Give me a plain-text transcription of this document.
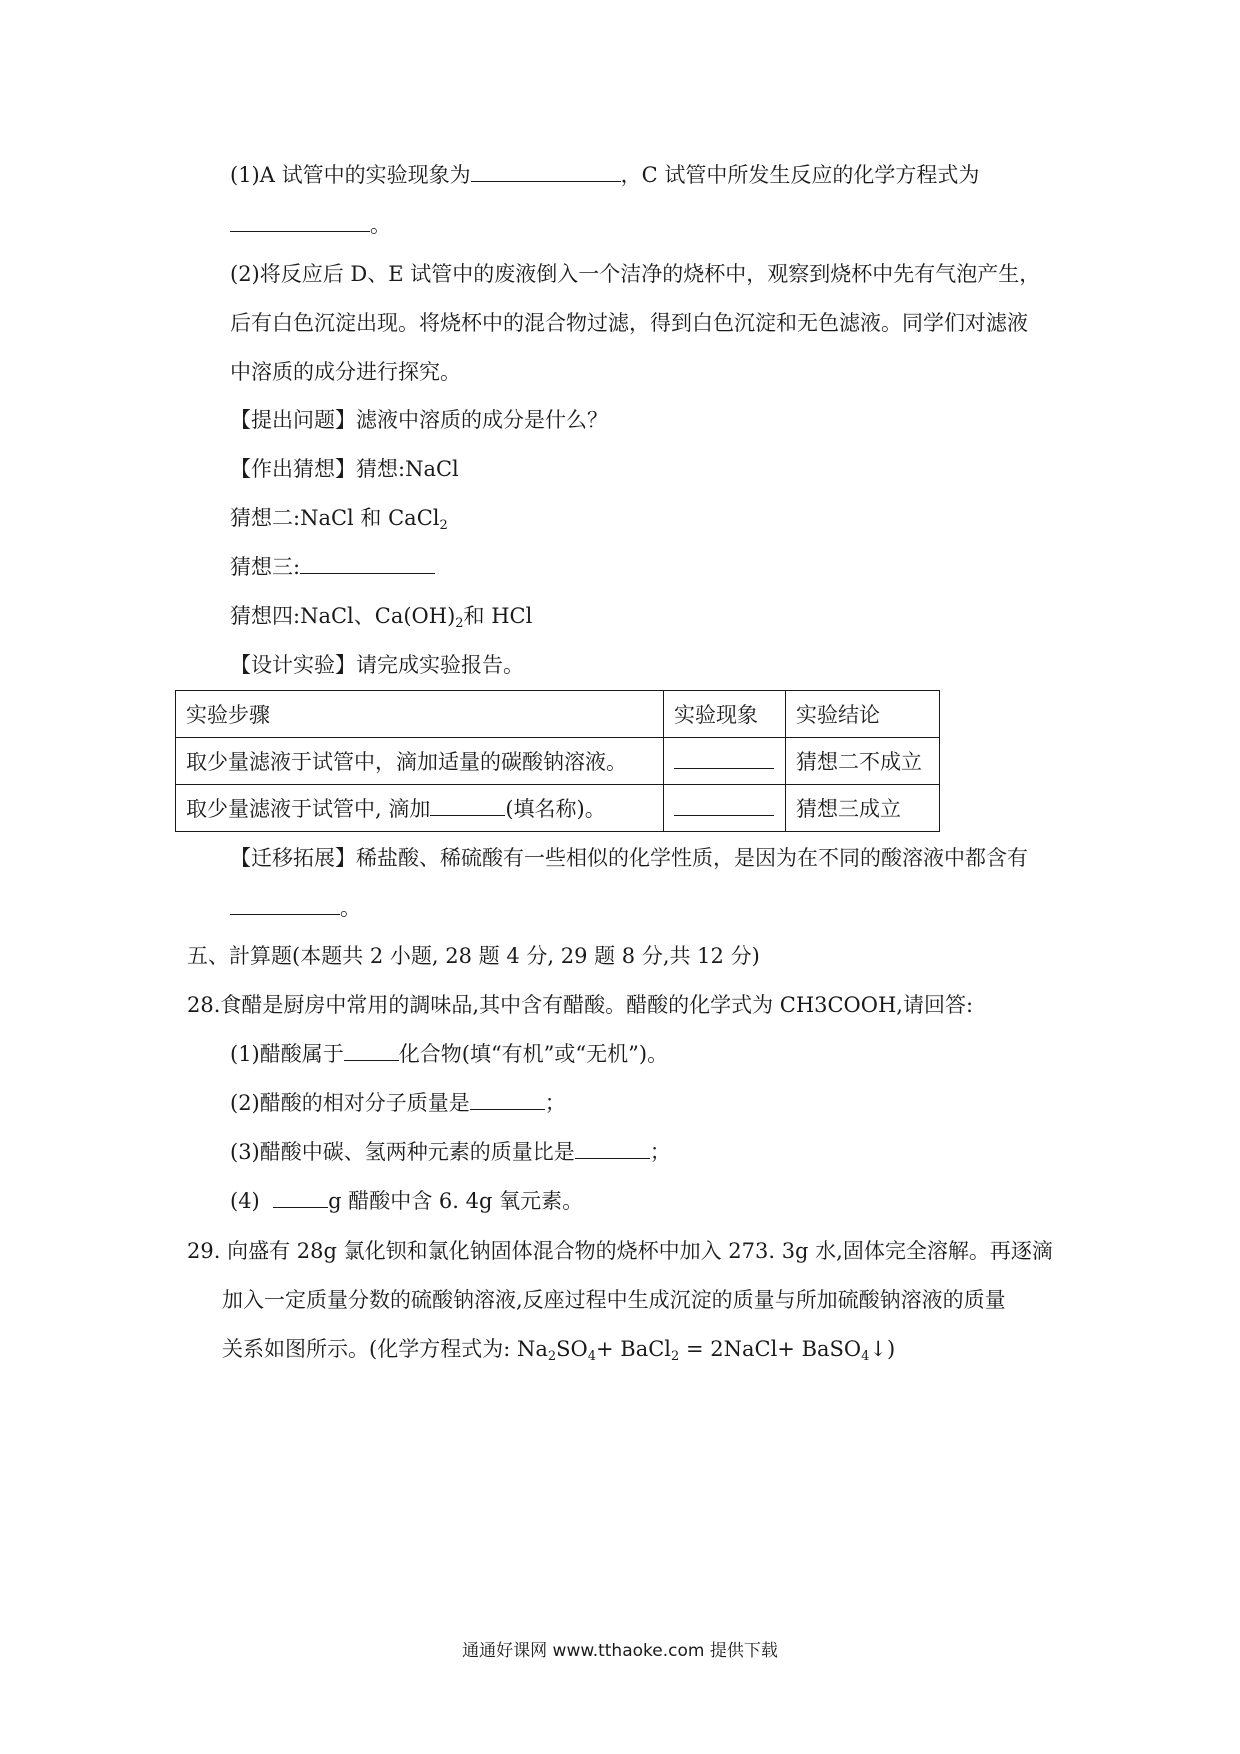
(1)A 试管中的实验现象为	，C 试管中所发生反应的化学方程式为
。
(2)将反应后 D、E 试管中的废液倒入一个洁净的烧杯中，观察到烧杯中先有气泡产生，
后有白色沉淀出现。将烧杯中的混合物过滤，得到白色沉淀和无色滤液。同学们对滤液
中溶质的成分进行探究。
【提出问题】滤液中溶质的成分是什么？
【作出猜想】猜想:NaCl
猜想二:NaCl 和 CaCl$_2$
猜想三:
猜想四:NaCl、$Ca(OH)_2$和 HCl
【设计实验】请完成实验报告。
实验步骤	实验现象	实验结论
取少量滤液于试管中，滴加适量的碳酸钠溶液。		猜想二不成立
取少量滤液于试管中, 滴加 (填名称)。		猜想三成立
【迁移拓展】稀盐酸、稀硫酸有一些相似的化学性质，是因为在不同的酸溶液中都含有
。
五、計算题(本题共 2 小题, 28 题 4 分, 29 题 8 分,共 12 分)
28.食醋是厨房中常用的調味品,其中含有醋酸。醋酸的化学式为 CH3COOH,请回答:
(1)醋酸属于	化合物(填“有机”或“无机”)。
(2)醋酸的相对分子质量是	；
(3)醋酸中碳、氢两种元素的质量比是	；
(4)	g 醋酸中含 6. 4g 氧元素。
29. 向盛有 28g 氯化钡和氯化钠固体混合物的烧杯中加入 273. 3g 水,固体完全溶解。再逐滴
加入一定质量分数的硫酸钠溶液,反座过程中生成沉淀的质量与所加硫酸钠溶液的质量
关系如图所示。(化学方程式为: $Na_2SO_4+$ BaCl$_2$ = 2NaCl+ BaSO$_4$↓)
通通好课网 www.tthaoke.com 提供下载
